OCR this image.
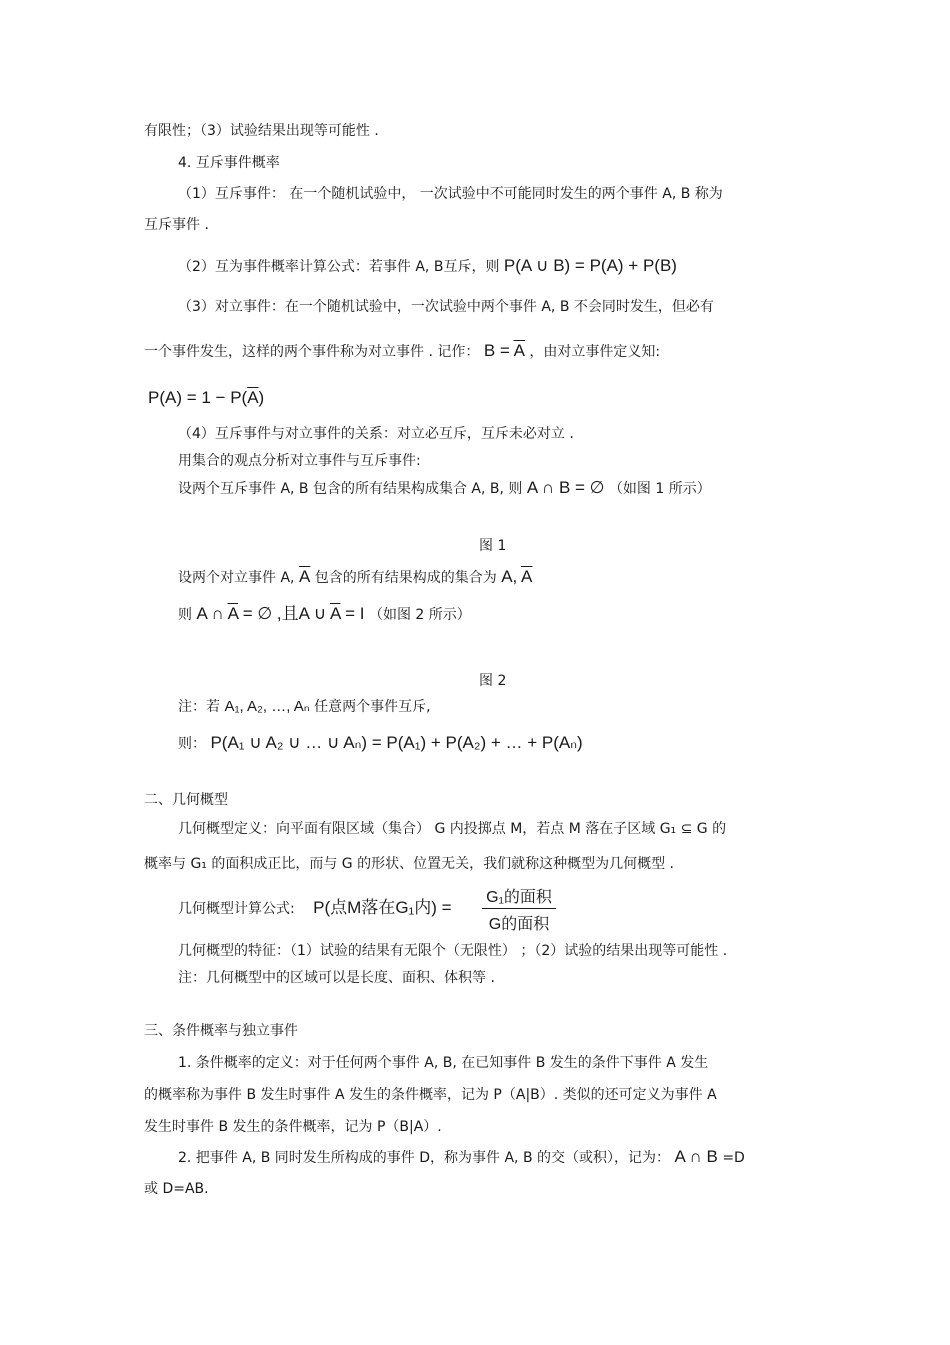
有限性；（3）试验结果出现等可能性 .
4. 互斥事件概率
（1）互斥事件： 在一个随机试验中， 一次试验中不可能同时发生的两个事件 A, B 称为
互斥事件 .
（2）互为事件概率计算公式：若事件 A, B互斥，则 P(A ∪ B) = P(A) + P(B)
（3）对立事件：在一个随机试验中，一次试验中两个事件 A, B 不会同时发生，但必有
一个事件发生，这样的两个事件称为对立事件 . 记作： $B = \overline{A}$ ，由对立事件定义知:
$P(A) = 1 - P(\overline{A})$
（4）互斥事件与对立事件的关系：对立必互斥，互斥未必对立 .
用集合的观点分析对立事件与互斥事件:
设两个互斥事件 A, B 包含的所有结果构成集合 A, B, 则 A ∩ B = ∅ （如图 1 所示）
图 1
设两个对立事件 A, $\overline{A}$ 包含的所有结果构成的集合为 A, $\overline{A}$
则 A ∩ $\overline{A}$ = ∅ ,且A ∪ $\overline{A} = I$ （如图 2 所示）
图 2
注：若 A₁, A₂, …, Aₙ 任意两个事件互斥,
则： P(A₁ ∪ A₂ ∪ … ∪ Aₙ) = P(A₁) + P(A₂) + … + P(Aₙ)
二、几何概型
几何概型定义：向平面有限区域（集合） G 内投掷点 M，若点 M 落在子区域 G₁ ⊆ G 的
概率与 G₁ 的面积成正比，而与 G 的形状、位置无关，我们就称这种概型为几何概型 .
几何概型计算公式: P(点M落在G₁内) =
G₁的面积
G的面积
几何概型的特征：（1）试验的结果有无限个（无限性） ；（2）试验的结果出现等可能性 .
注：几何概型中的区域可以是长度、面积、体积等 .
三、条件概率与独立事件
1. 条件概率的定义：对于任何两个事件 A, B, 在已知事件 B 发生的条件下事件 A 发生
的概率称为事件 B 发生时事件 A 发生的条件概率，记为 P（A|B）. 类似的还可定义为事件 A
发生时事件 B 发生的条件概率，记为 P（B|A）.
2. 把事件 A, B 同时发生所构成的事件 D，称为事件 A, B 的交（或积），记为： A ∩ B =D
或 D=AB.
